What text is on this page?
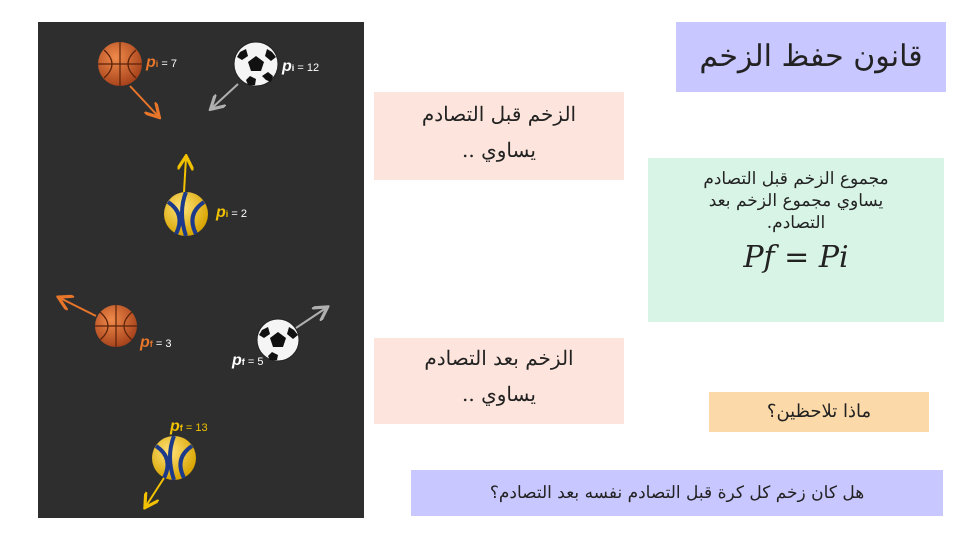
pi = 7	pi = 12
pi = 2
pf = 3
pf = 5
pf = 13
قانون حفظ الزخم
الزخم قبل التصادم
يساوي ..
الزخم بعد التصادم
يساوي ..
مجموع الزخم قبل التصادم
يساوي مجموع الزخم بعد
التصادم.
Pf = Pi
ماذا تلاحظين؟
هل كان زخم كل كرة قبل التصادم نفسه بعد التصادم؟
